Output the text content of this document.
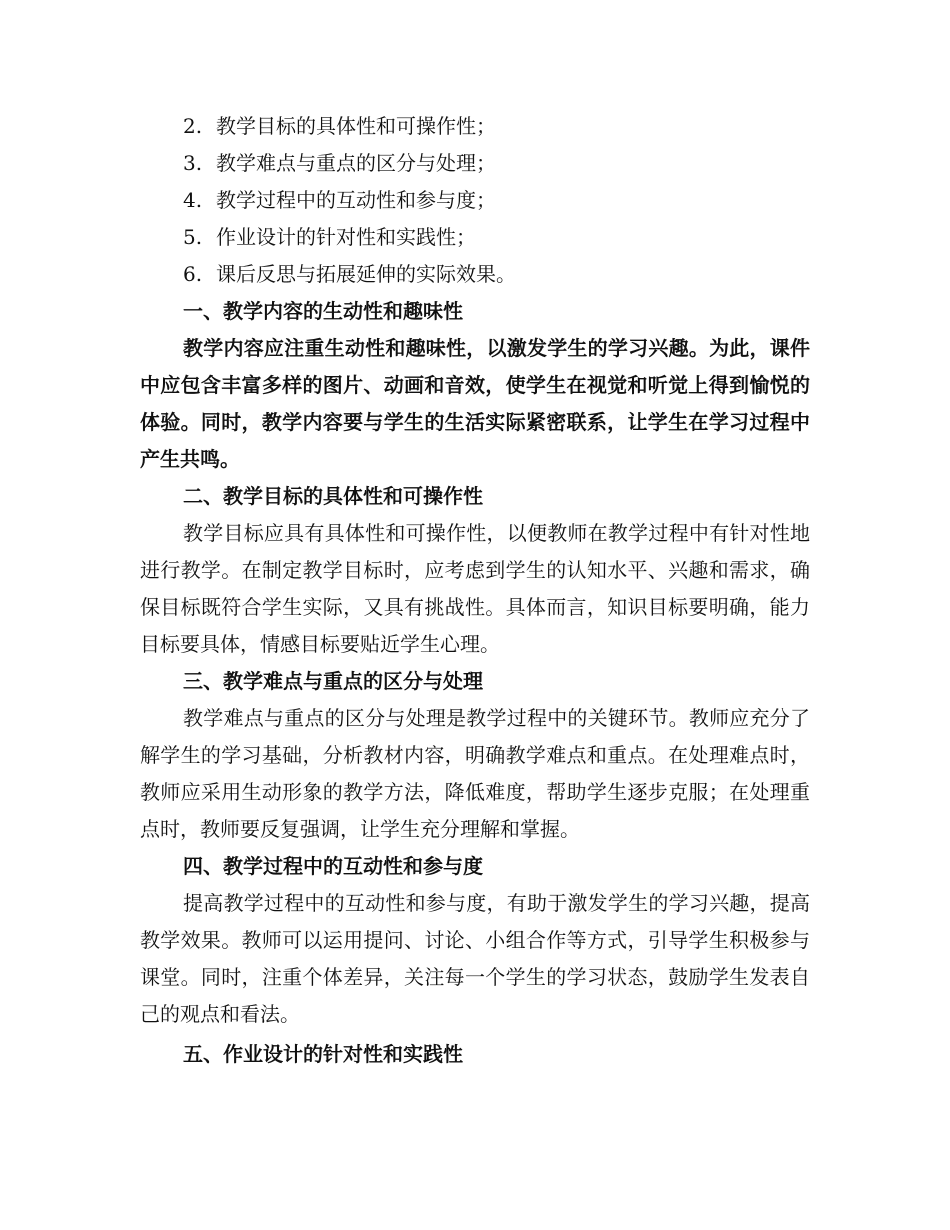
2. 教学目标的具体性和可操作性；
3. 教学难点与重点的区分与处理；
4. 教学过程中的互动性和参与度；
5. 作业设计的针对性和实践性；
6. 课后反思与拓展延伸的实际效果。
一、教学内容的生动性和趣味性

教学内容应注重生动性和趣味性，以激发学生的学习兴趣。为此，课件中应包含丰富多样的图片、动画和音效，使学生在视觉和听觉上得到愉悦的体验。同时，教学内容要与学生的生活实际紧密联系，让学生在学习过程中产生共鸣。

二、教学目标的具体性和可操作性

教学目标应具有具体性和可操作性，以便教师在教学过程中有针对性地进行教学。在制定教学目标时，应考虑到学生的认知水平、兴趣和需求，确保目标既符合学生实际，又具有挑战性。具体而言，知识目标要明确，能力目标要具体，情感目标要贴近学生心理。

三、教学难点与重点的区分与处理

教学难点与重点的区分与处理是教学过程中的关键环节。教师应充分了解学生的学习基础，分析教材内容，明确教学难点和重点。在处理难点时，教师应采用生动形象的教学方法，降低难度，帮助学生逐步克服；在处理重点时，教师要反复强调，让学生充分理解和掌握。

四、教学过程中的互动性和参与度

提高教学过程中的互动性和参与度，有助于激发学生的学习兴趣，提高教学效果。教师可以运用提问、讨论、小组合作等方式，引导学生积极参与课堂。同时，注重个体差异，关注每一个学生的学习状态，鼓励学生发表自己的观点和看法。

五、作业设计的针对性和实践性
